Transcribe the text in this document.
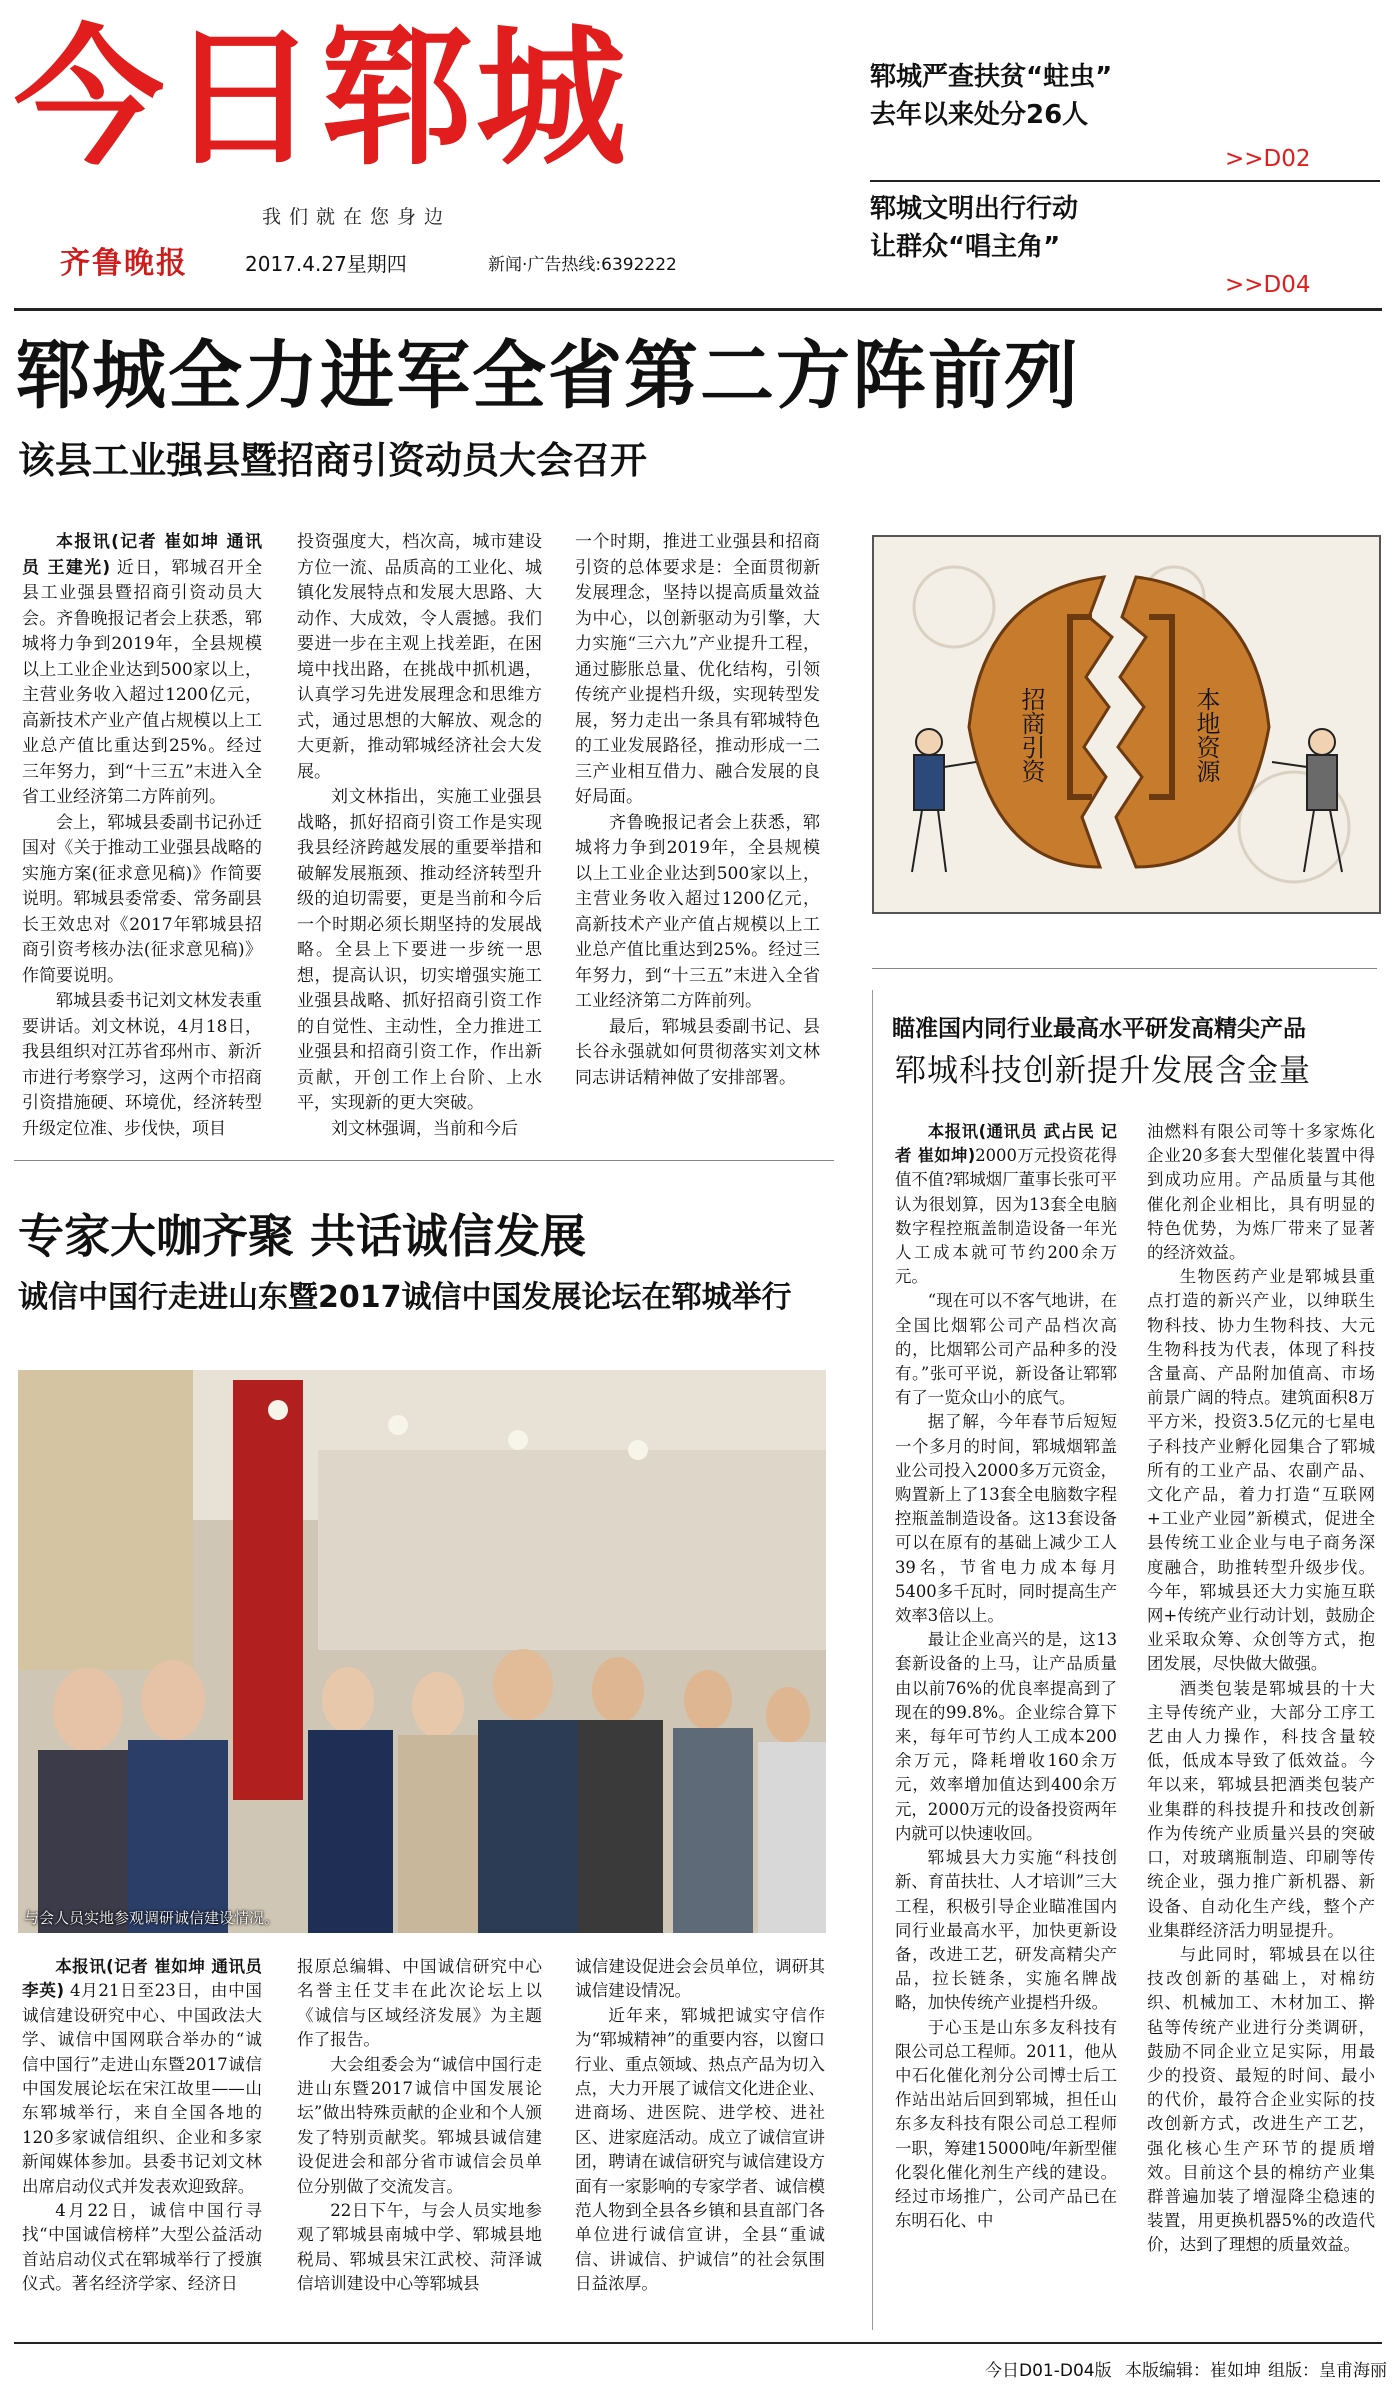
今日郓城
我们就在您身边
齐鲁晚报	2017.4.27星期四	新闻·广告热线:6392222
郓城严查扶贫“蛀虫”
去年以来处分26人
>>D02
郓城文明出行行动
让群众“唱主角”
>>D04
郓城全力进军全省第二方阵前列
该县工业强县暨招商引资动员大会召开

本报讯(记者 崔如坤 通讯员 王建光) 近日，郓城召开全县工业强县暨招商引资动员大会。齐鲁晚报记者会上获悉，郓城将力争到2019年，全县规模以上工业企业达到500家以上，主营业务收入超过1200亿元，高新技术产业产值占规模以上工业总产值比重达到25%。经过三年努力，到“十三五”末进入全省工业经济第二方阵前列。

会上，郓城县委副书记孙迁国对《关于推动工业强县战略的实施方案(征求意见稿)》作简要说明。郓城县委常委、常务副县长王效忠对《2017年郓城县招商引资考核办法(征求意见稿)》作简要说明。

郓城县委书记刘文林发表重要讲话。刘文林说，4月18日，我县组织对江苏省邳州市、新沂市进行考察学习，这两个市招商引资措施硬、环境优，经济转型升级定位准、步伐快，项目

投资强度大，档次高，城市建设方位一流、品质高的工业化、城镇化发展特点和发展大思路、大动作、大成效，令人震撼。我们要进一步在主观上找差距，在困境中找出路，在挑战中抓机遇，认真学习先进发展理念和思维方式，通过思想的大解放、观念的大更新，推动郓城经济社会大发展。

刘文林指出，实施工业强县战略，抓好招商引资工作是实现我县经济跨越发展的重要举措和破解发展瓶颈、推动经济转型升级的迫切需要，更是当前和今后一个时期必须长期坚持的发展战略。全县上下要进一步统一思想，提高认识，切实增强实施工业强县战略、抓好招商引资工作的自觉性、主动性，全力推进工业强县和招商引资工作，作出新贡献，开创工作上台阶、上水平，实现新的更大突破。

刘文林强调，当前和今后

一个时期，推进工业强县和招商引资的总体要求是：全面贯彻新发展理念，坚持以提高质量效益为中心，以创新驱动为引擎，大力实施“三六九”产业提升工程，通过膨胀总量、优化结构，引领传统产业提档升级，实现转型发展，努力走出一条具有郓城特色的工业发展路径，推动形成一二三产业相互借力、融合发展的良好局面。

齐鲁晚报记者会上获悉，郓城将力争到2019年，全县规模以上工业企业达到500家以上，主营业务收入超过1200亿元，高新技术产业产值占规模以上工业总产值比重达到25%。经过三年努力，到“十三五”末进入全省工业经济第二方阵前列。

最后，郓城县委副书记、县长谷永强就如何贯彻落实刘文林同志讲话精神做了安排部署。

招商引资	本地资源
瞄准国内同行业最高水平研发高精尖产品
郓城科技创新提升发展含金量

本报讯(通讯员 武占民 记者 崔如坤)2000万元投资花得值不值?郓城烟厂董事长张可平认为很划算，因为13套全电脑数字程控瓶盖制造设备一年光人工成本就可节约200余万元。

“现在可以不客气地讲，在全国比烟郓公司产品档次高的，比烟郓公司产品种多的没有。”张可平说，新设备让郓郓有了一览众山小的底气。

据了解，今年春节后短短一个多月的时间，郓城烟郓盖业公司投入2000多万元资金，购置新上了13套全电脑数字程控瓶盖制造设备。这13套设备可以在原有的基础上减少工人39名，节省电力成本每月5400多千瓦时，同时提高生产效率3倍以上。

最让企业高兴的是，这13套新设备的上马，让产品质量由以前76%的优良率提高到了现在的99.8%。企业综合算下来，每年可节约人工成本200余万元，降耗增收160余万元，效率增加值达到400余万元，2000万元的设备投资两年内就可以快速收回。

郓城县大力实施“科技创新、育苗扶壮、人才培训”三大工程，积极引导企业瞄准国内同行业最高水平，加快更新设备，改进工艺，研发高精尖产品，拉长链条，实施名牌战略，加快传统产业提档升级。

于心玉是山东多友科技有限公司总工程师。2011，他从中石化催化剂分公司博士后工作站出站后回到郓城，担任山东多友科技有限公司总工程师一职，筹建15000吨/年新型催化裂化催化剂生产线的建设。经过市场推广，公司产品已在东明石化、中

油燃料有限公司等十多家炼化企业20多套大型催化装置中得到成功应用。产品质量与其他催化剂企业相比，具有明显的特色优势，为炼厂带来了显著的经济效益。

生物医药产业是郓城县重点打造的新兴产业，以绅联生物科技、协力生物科技、大元生物科技为代表，体现了科技含量高、产品附加值高、市场前景广阔的特点。建筑面积8万平方米，投资3.5亿元的七星电子科技产业孵化园集合了郓城所有的工业产品、农副产品、文化产品，着力打造“互联网+工业产业园”新模式，促进全县传统工业企业与电子商务深度融合，助推转型升级步伐。今年，郓城县还大力实施互联网+传统产业行动计划，鼓励企业采取众筹、众创等方式，抱团发展，尽快做大做强。

酒类包装是郓城县的十大主导传统产业，大部分工序工艺由人力操作，科技含量较低，低成本导致了低效益。今年以来，郓城县把酒类包装产业集群的科技提升和技改创新作为传统产业质量兴县的突破口，对玻璃瓶制造、印刷等传统企业，强力推广新机器、新设备、自动化生产线，整个产业集群经济活力明显提升。

与此同时，郓城县在以往技改创新的基础上，对棉纺织、机械加工、木材加工、擀毡等传统产业进行分类调研，鼓励不同企业立足实际，用最少的投资、最短的时间、最小的代价，最符合企业实际的技改创新方式，改进生产工艺，强化核心生产环节的提质增效。目前这个县的棉纺产业集群普遍加装了增湿降尘稳速的装置，用更换机器5%的改造代价，达到了理想的质量效益。

专家大咖齐聚 共话诚信发展
诚信中国行走进山东暨2017诚信中国发展论坛在郓城举行
与会人员实地参观调研诚信建设情况。

本报讯(记者 崔如坤 通讯员 李英) 4月21日至23日，由中国诚信建设研究中心、中国政法大学、诚信中国网联合举办的“诚信中国行”走进山东暨2017诚信中国发展论坛在宋江故里——山东郓城举行，来自全国各地的120多家诚信组织、企业和多家新闻媒体参加。县委书记刘文林出席启动仪式并发表欢迎致辞。

4月22日，诚信中国行寻找“中国诚信榜样”大型公益活动首站启动仪式在郓城举行了授旗仪式。著名经济学家、经济日

报原总编辑、中国诚信研究中心名誉主任艾丰在此次论坛上以《诚信与区域经济发展》为主题作了报告。

大会组委会为“诚信中国行走进山东暨2017诚信中国发展论坛”做出特殊贡献的企业和个人颁发了特别贡献奖。郓城县诚信建设促进会和部分省市诚信会员单位分别做了交流发言。

22日下午，与会人员实地参观了郓城县南城中学、郓城县地税局、郓城县宋江武校、菏泽诚信培训建设中心等郓城县

诚信建设促进会会员单位，调研其诚信建设情况。

近年来，郓城把诚实守信作为“郓城精神”的重要内容，以窗口行业、重点领域、热点产品为切入点，大力开展了诚信文化进企业、进商场、进医院、进学校、进社区、进家庭活动。成立了诚信宣讲团，聘请在诚信研究与诚信建设方面有一家影响的专家学者、诚信模范人物到全县各乡镇和县直部门各单位进行诚信宣讲，全县“重诚信、讲诚信、护诚信”的社会氛围日益浓厚。

今日D01-D04版 本版编辑：崔如坤 组版：皇甫海丽
